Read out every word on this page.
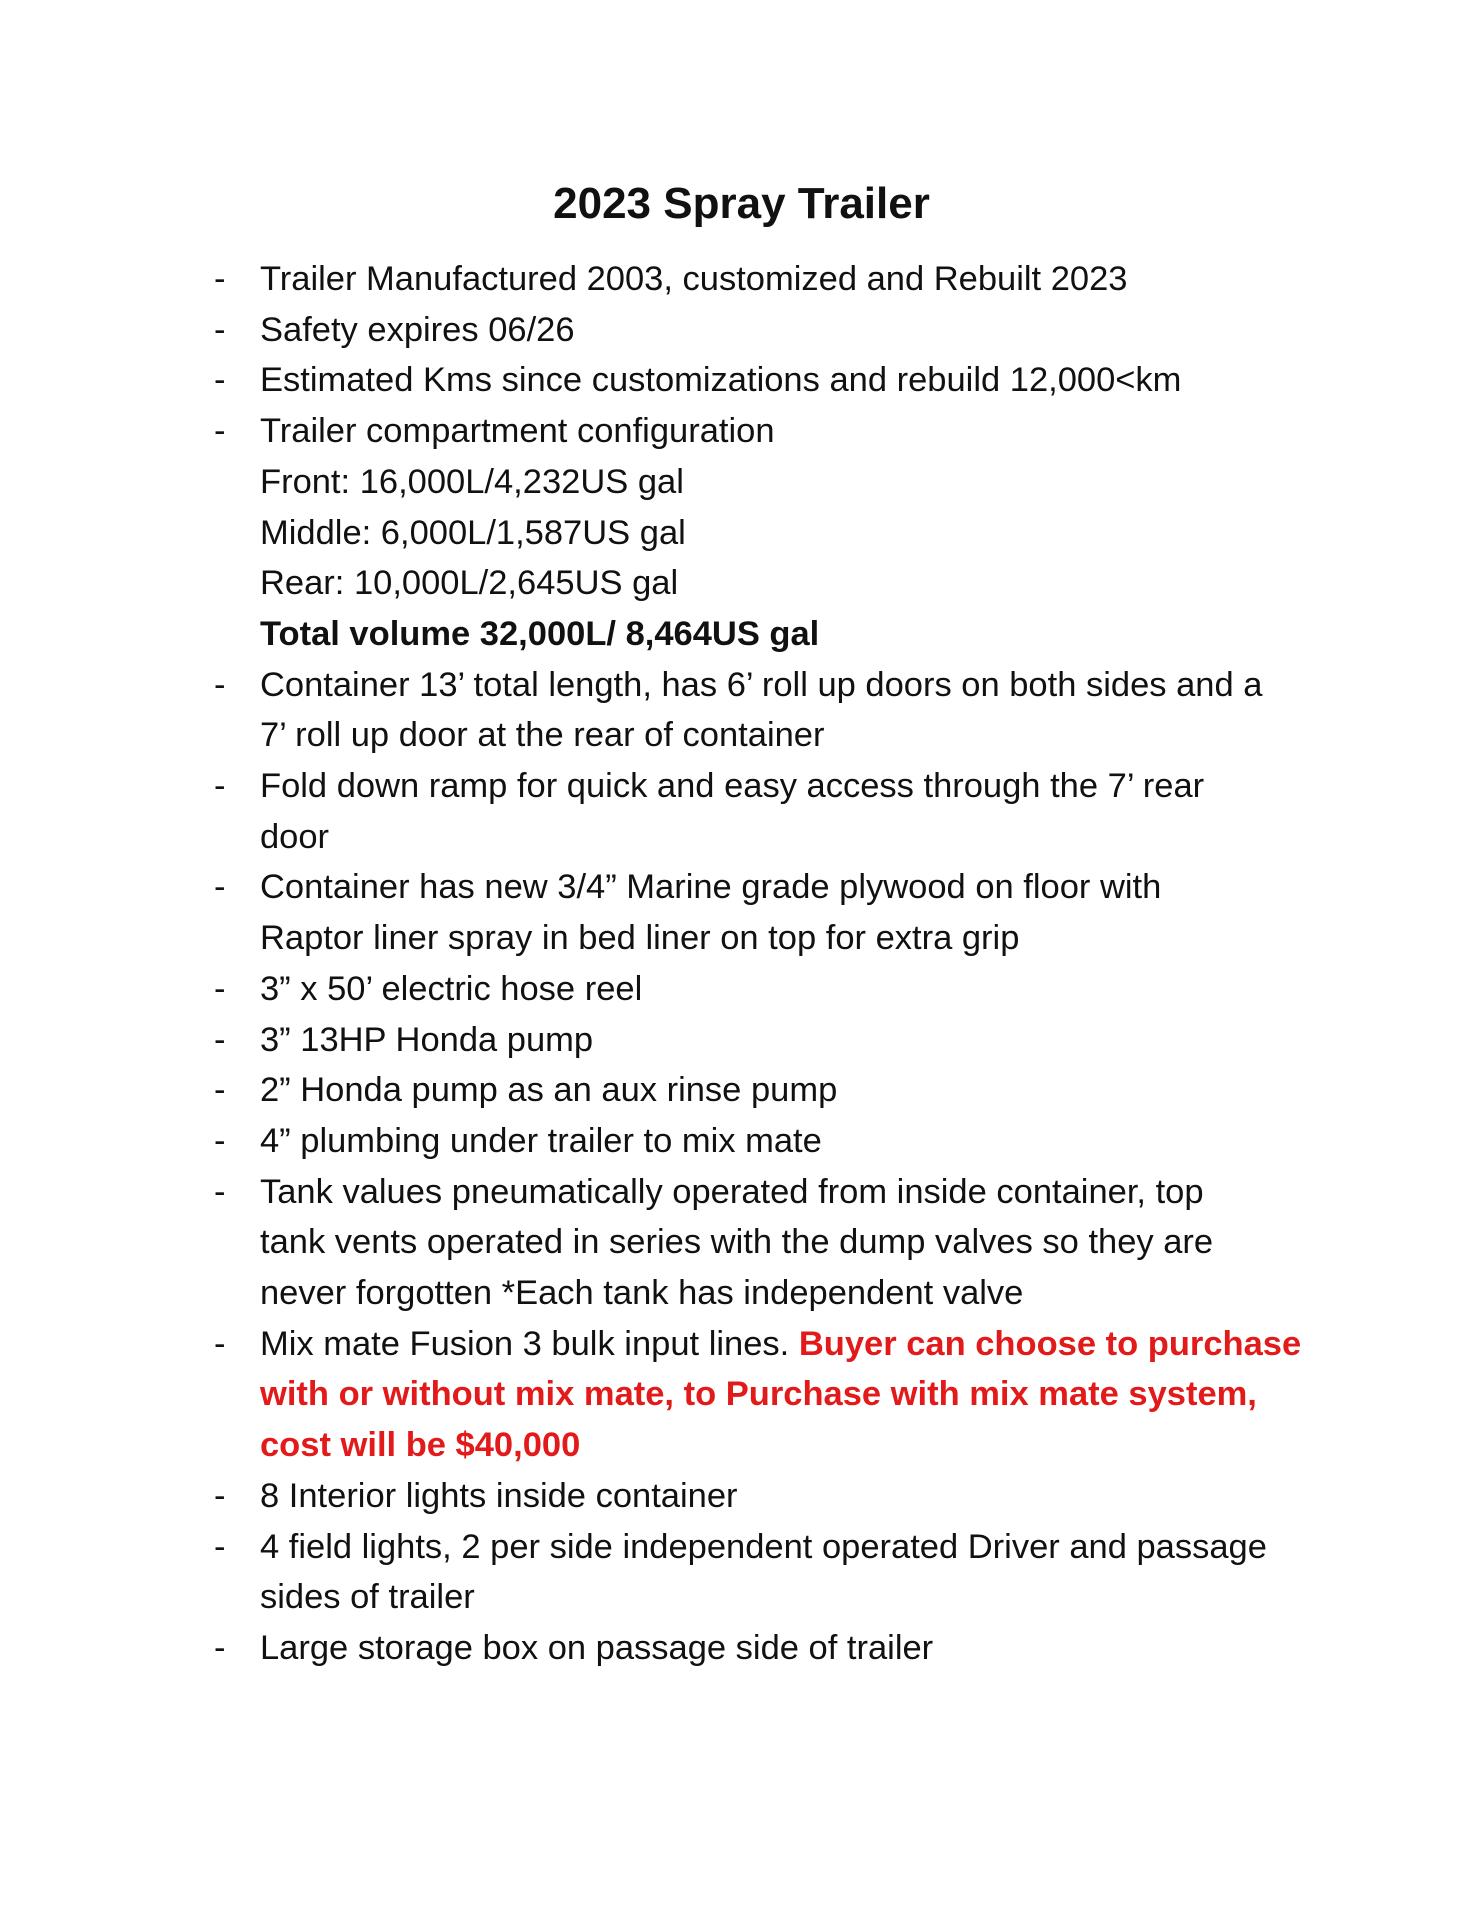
2023 Spray Trailer
- Trailer Manufactured 2003, customized and Rebuilt 2023
- Safety expires 06/26
- Estimated Kms since customizations and rebuild 12,000<km
- Trailer compartment configuration
Front: 16,000L/4,232US gal
Middle: 6,000L/1,587US gal
Rear: 10,000L/2,645US gal
Total volume 32,000L/ 8,464US gal
- Container 13’ total length, has 6’ roll up doors on both sides and a
7’ roll up door at the rear of container
- Fold down ramp for quick and easy access through the 7’ rear
door
- Container has new 3/4” Marine grade plywood on floor with
Raptor liner spray in bed liner on top for extra grip
- 3” x 50’ electric hose reel
- 3” 13HP Honda pump
- 2” Honda pump as an aux rinse pump
- 4” plumbing under trailer to mix mate
- Tank values pneumatically operated from inside container, top
tank vents operated in series with the dump valves so they are
never forgotten *Each tank has independent valve
- Mix mate Fusion 3 bulk input lines. Buyer can choose to purchase
with or without mix mate, to Purchase with mix mate system,
cost will be $40,000
- 8 Interior lights inside container
- 4 field lights, 2 per side independent operated Driver and passage
sides of trailer
- Large storage box on passage side of trailer
